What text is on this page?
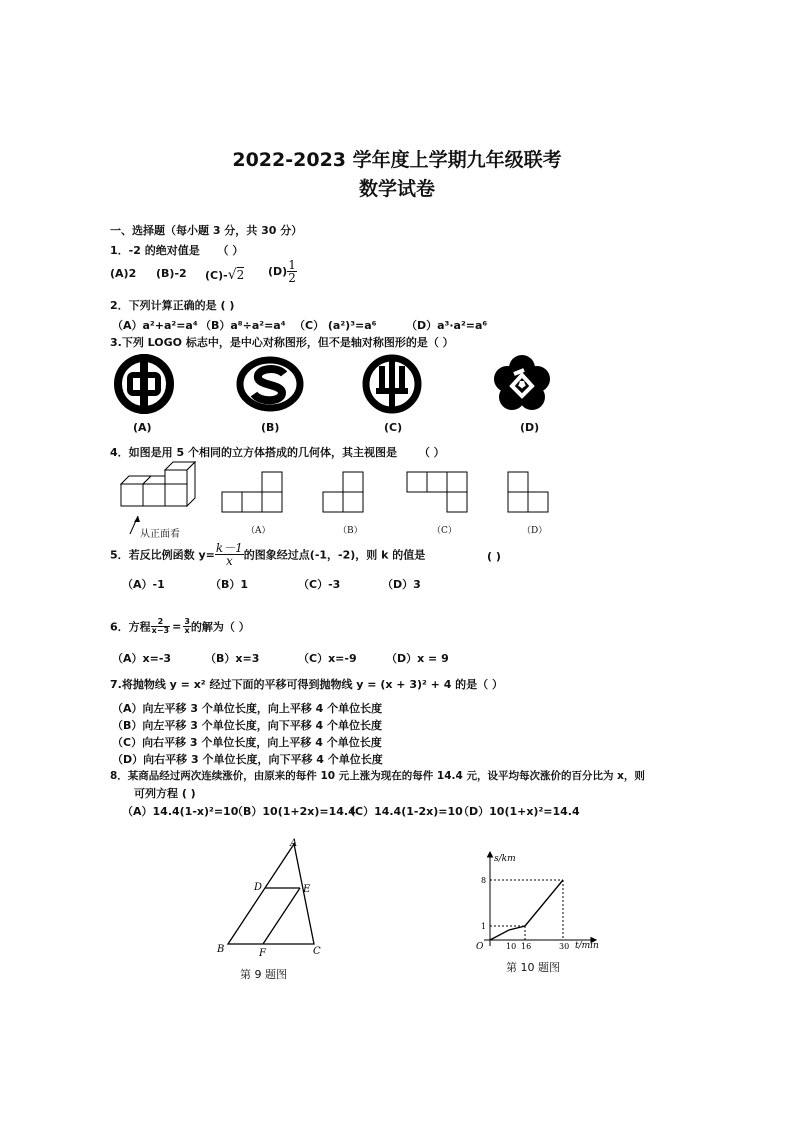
2022-2023 学年度上学期九年级联考
数学试卷
一、选择题（每小题 3 分，共 30 分）
1．-2 的绝对值是 （ ）
(A)2 (B)-2 (C)-√2 $(D) \frac{1}{2}$
2．下列计算正确的是 ( )
（A）a²+a²=a⁴ （B）a⁸÷a²=a⁴ （C） (a²)³=a⁶	（D）a³·a²=a⁶
3.下列 LOGO 标志中，是中心对称图形，但不是轴对称图形的是（ ）
(A)	(B)	(C)	(D)
4．如图是用 5 个相同的立方体搭成的几何体，其主视图是 （ ）
从正面看	（A）	（B）	（C）	（D）
5．若反比例函数 $y= \frac{k-1}{x}$ 的图象经过点(-1，-2)，则 k 的值是	( )
（A）-1	（B）1	（C）-3	（D）3
6．方程 $\frac{2}{x-3} = \frac{3}{x}$ 的解为（ ）
（A）x=-3	（B）x=3	（C）x=-9	（D）x = 9
7.将抛物线 y = x² 经过下面的平移可得到抛物线 y = (x + 3)² + 4 的是（ ）
（A）向左平移 3 个单位长度，向上平移 4 个单位长度
（B）向左平移 3 个单位长度，向下平移 4 个单位长度
（C）向右平移 3 个单位长度，向上平移 4 个单位长度
（D）向右平移 3 个单位长度，向下平移 4 个单位长度
8．某商品经过两次连续涨价，由原来的每件 10 元上涨为现在的每件 14.4 元，设平均每次涨价的百分比为 x，则
可列方程 ( )
（A）14.4(1-x)²=10
（B）10(1+2x)=14.4
（C）14.4(1-2x)=10
（D）10(1+x)²=14.4
A
B	C
D	E
F
第 9 题图
s/km
t/min
O
1
8
10 16	30
第 10 题图
